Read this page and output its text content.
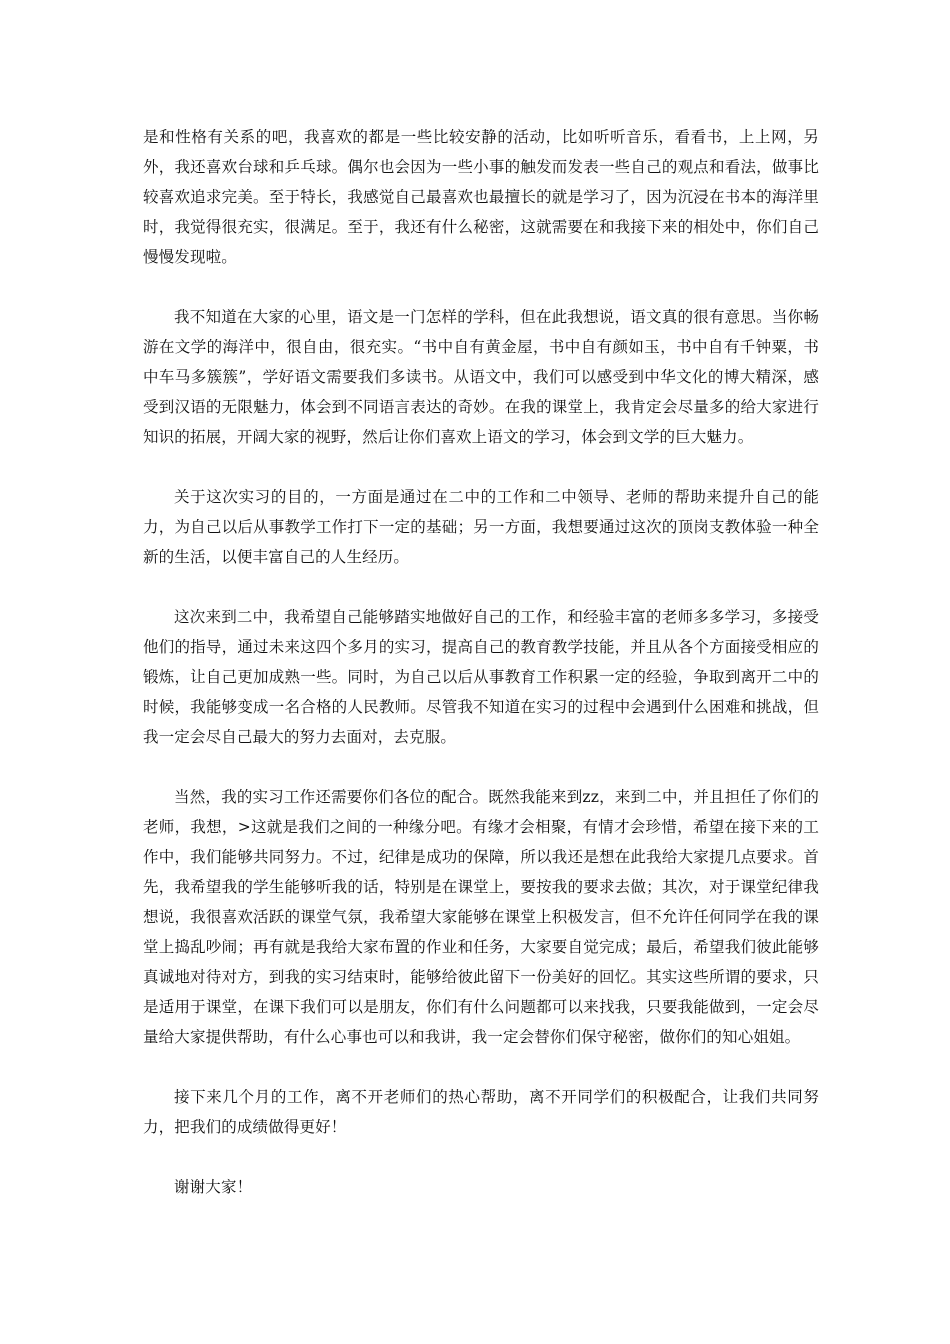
是和性格有关系的吧，我喜欢的都是一些比较安静的活动，比如听听音乐，看看书，上上网，另外，我还喜欢台球和乒乓球。偶尔也会因为一些小事的触发而发表一些自己的观点和看法，做事比较喜欢追求完美。至于特长，我感觉自己最喜欢也最擅长的就是学习了，因为沉浸在书本的海洋里时，我觉得很充实，很满足。至于，我还有什么秘密，这就需要在和我接下来的相处中，你们自己慢慢发现啦。

我不知道在大家的心里，语文是一门怎样的学科，但在此我想说，语文真的很有意思。当你畅游在文学的海洋中，很自由，很充实。“书中自有黄金屋，书中自有颜如玉，书中自有千钟粟，书中车马多簇簇”，学好语文需要我们多读书。从语文中，我们可以感受到中华文化的博大精深，感受到汉语的无限魅力，体会到不同语言表达的奇妙。在我的课堂上，我肯定会尽量多的给大家进行知识的拓展，开阔大家的视野，然后让你们喜欢上语文的学习，体会到文学的巨大魅力。

关于这次实习的目的，一方面是通过在二中的工作和二中领导、老师的帮助来提升自己的能力，为自己以后从事教学工作打下一定的基础；另一方面，我想要通过这次的顶岗支教体验一种全新的生活，以便丰富自己的人生经历。

这次来到二中，我希望自己能够踏实地做好自己的工作，和经验丰富的老师多多学习，多接受他们的指导，通过未来这四个多月的实习，提高自己的教育教学技能，并且从各个方面接受相应的锻炼，让自己更加成熟一些。同时，为自己以后从事教育工作积累一定的经验，争取到离开二中的时候，我能够变成一名合格的人民教师。尽管我不知道在实习的过程中会遇到什么困难和挑战，但我一定会尽自己最大的努力去面对，去克服。

当然，我的实习工作还需要你们各位的配合。既然我能来到zz，来到二中，并且担任了你们的老师，我想，>这就是我们之间的一种缘分吧。有缘才会相聚，有情才会珍惜，希望在接下来的工作中，我们能够共同努力。不过，纪律是成功的保障，所以我还是想在此我给大家提几点要求。首先，我希望我的学生能够听我的话，特别是在课堂上，要按我的要求去做；其次，对于课堂纪律我想说，我很喜欢活跃的课堂气氛，我希望大家能够在课堂上积极发言，但不允许任何同学在我的课堂上捣乱吵闹；再有就是我给大家布置的作业和任务，大家要自觉完成；最后，希望我们彼此能够真诚地对待对方，到我的实习结束时，能够给彼此留下一份美好的回忆。其实这些所谓的要求，只是适用于课堂，在课下我们可以是朋友，你们有什么问题都可以来找我，只要我能做到，一定会尽量给大家提供帮助，有什么心事也可以和我讲，我一定会替你们保守秘密，做你们的知心姐姐。

接下来几个月的工作，离不开老师们的热心帮助，离不开同学们的积极配合，让我们共同努力，把我们的成绩做得更好！

谢谢大家！
